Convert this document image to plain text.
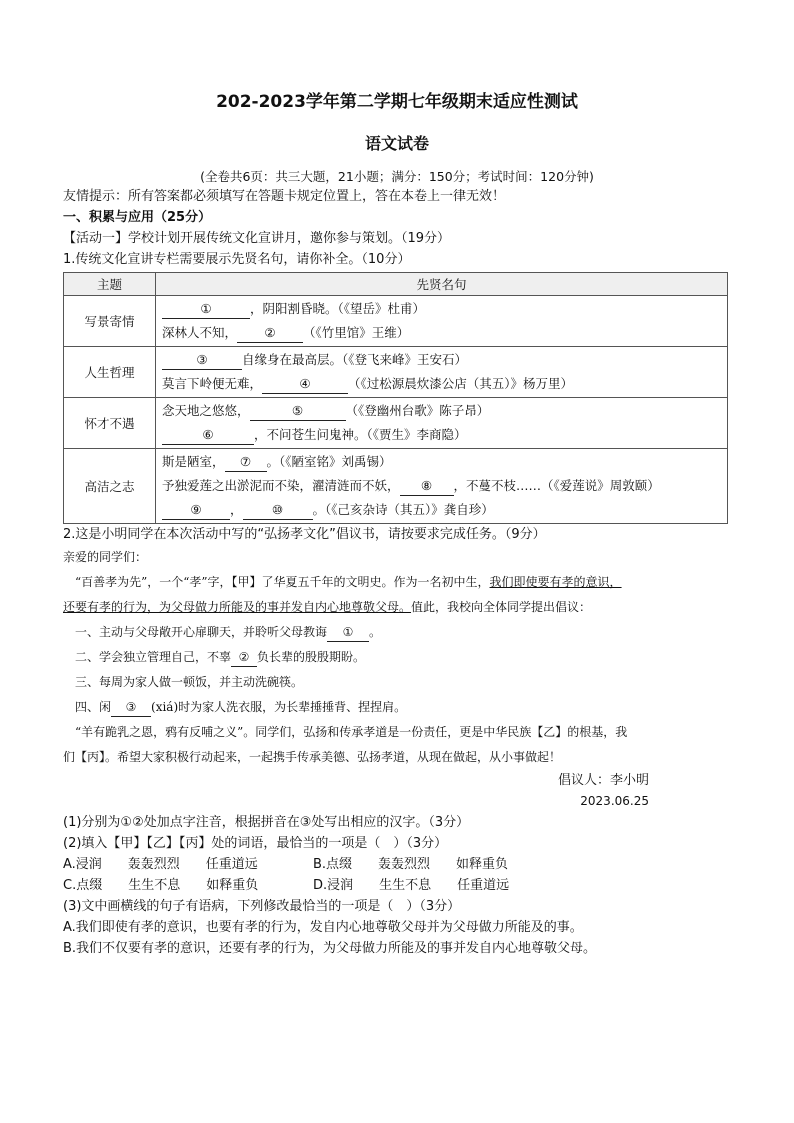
202-2023学年第二学期七年级期末适应性测试
语文试卷
(全卷共6页：共三大题，21小题；满分：150分；考试时间：120分钟)
友情提示：所有答案都必须填写在答题卡规定位置上，答在本卷上一律无效！
一、积累与应用（25分）
【活动一】学校计划开展传统文化宣讲月，邀你参与策划。（19分）
1.传统文化宣讲专栏需要展示先贤名句，请你补全。（10分）
主题	先贤名句
写景寄情	① ，阴阳割昏晓。（《望岳》杜甫）
深林人不知， ② （《竹里馆》王维）

人生哲理	③ 自缘身在最高层。（《登飞来峰》王安石）
莫言下岭便无难， ④ （《过松源晨炊漆公店（其五）》杨万里）

怀才不遇	念天地之悠悠， ⑤ （《登幽州台歌》陈子昂）
⑥ ，不问苍生问鬼神。（《贾生》李商隐）

高洁之志	斯是陋室， ⑦ 。（《陋室铭》刘禹锡）
予独爱莲之出淤泥而不染，濯清涟而不妖， ⑧ ，不蔓不枝……（《爱莲说》周敦颐）
⑨ ， ⑩ 。（《己亥杂诗（其五）》龚自珍）
2.这是小明同学在本次活动中写的“弘扬孝文化”倡议书，请按要求完成任务。（9分）
亲爱的同学们：
“百善孝为先”，一个“孝”字，【甲】了华夏五千年的文明史。作为一名初中生，我们即使要有孝的意识，
还要有孝的行为，为父母做力所能及的事并发自内心地尊敬父母。值此，我校向全体同学提出倡议：
一、主动与父母敞开心扉聊天，并聆听父母教诲 ① 。
二、学会独立管理自己，不辜 ② 负长辈的殷殷期盼。
三、每周为家人做一顿饭，并主动洗碗筷。
四、闲 ③ (xiá)时为家人洗衣服，为长辈捶捶背、捏捏肩。
“羊有跪乳之恩，鸦有反哺之义”。同学们，弘扬和传承孝道是一份责任，更是中华民族【乙】的根基，我
们【丙】。希望大家积极行动起来，一起携手传承美德、弘扬孝道，从现在做起，从小事做起！
倡议人：李小明
2023.06.25
(1)分别为①②处加点字注音，根据拼音在③处写出相应的汉字。（3分）
(2)填入【甲】【乙】【丙】处的词语，最恰当的一项是（　）（3分）
A.浸润　　轰轰烈烈　　任重道远	B.点缀　　轰轰烈烈　　如释重负
C.点缀　　生生不息　　如释重负	D.浸润　　生生不息　　任重道远
(3)文中画横线的句子有语病，下列修改最恰当的一项是（　）（3分）
A.我们即使有孝的意识，也要有孝的行为，发自内心地尊敬父母并为父母做力所能及的事。
B.我们不仅要有孝的意识，还要有孝的行为，为父母做力所能及的事并发自内心地尊敬父母。
